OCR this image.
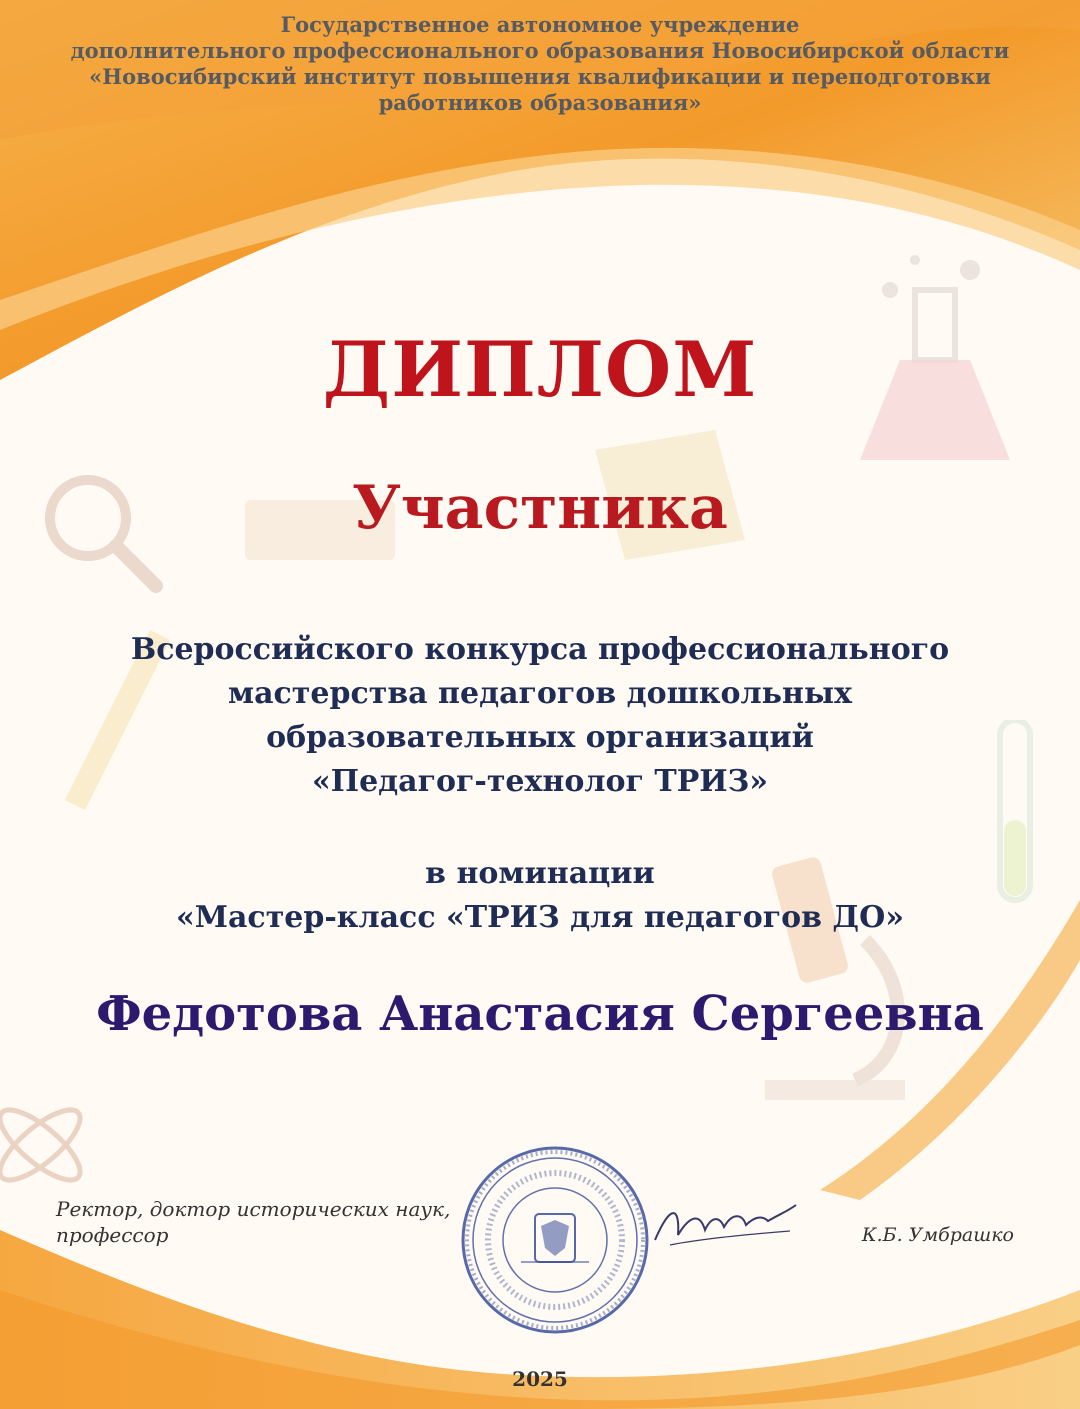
Государственное автономное учреждение
дополнительного профессионального образования Новосибирской области
«Новосибирский институт повышения квалификации и переподготовки
работников образования»
ДИПЛОМ
Участника
Всероссийского конкурса профессионального
мастерства педагогов дошкольных
образовательных организаций
«Педагог-технолог ТРИЗ»
в номинации
«Мастер-класс «ТРИЗ для педагогов ДО»
Федотова Анастасия Сергеевна
Ректор, доктор исторических наук,
профессор	К.Б. Умбрашко
2025
